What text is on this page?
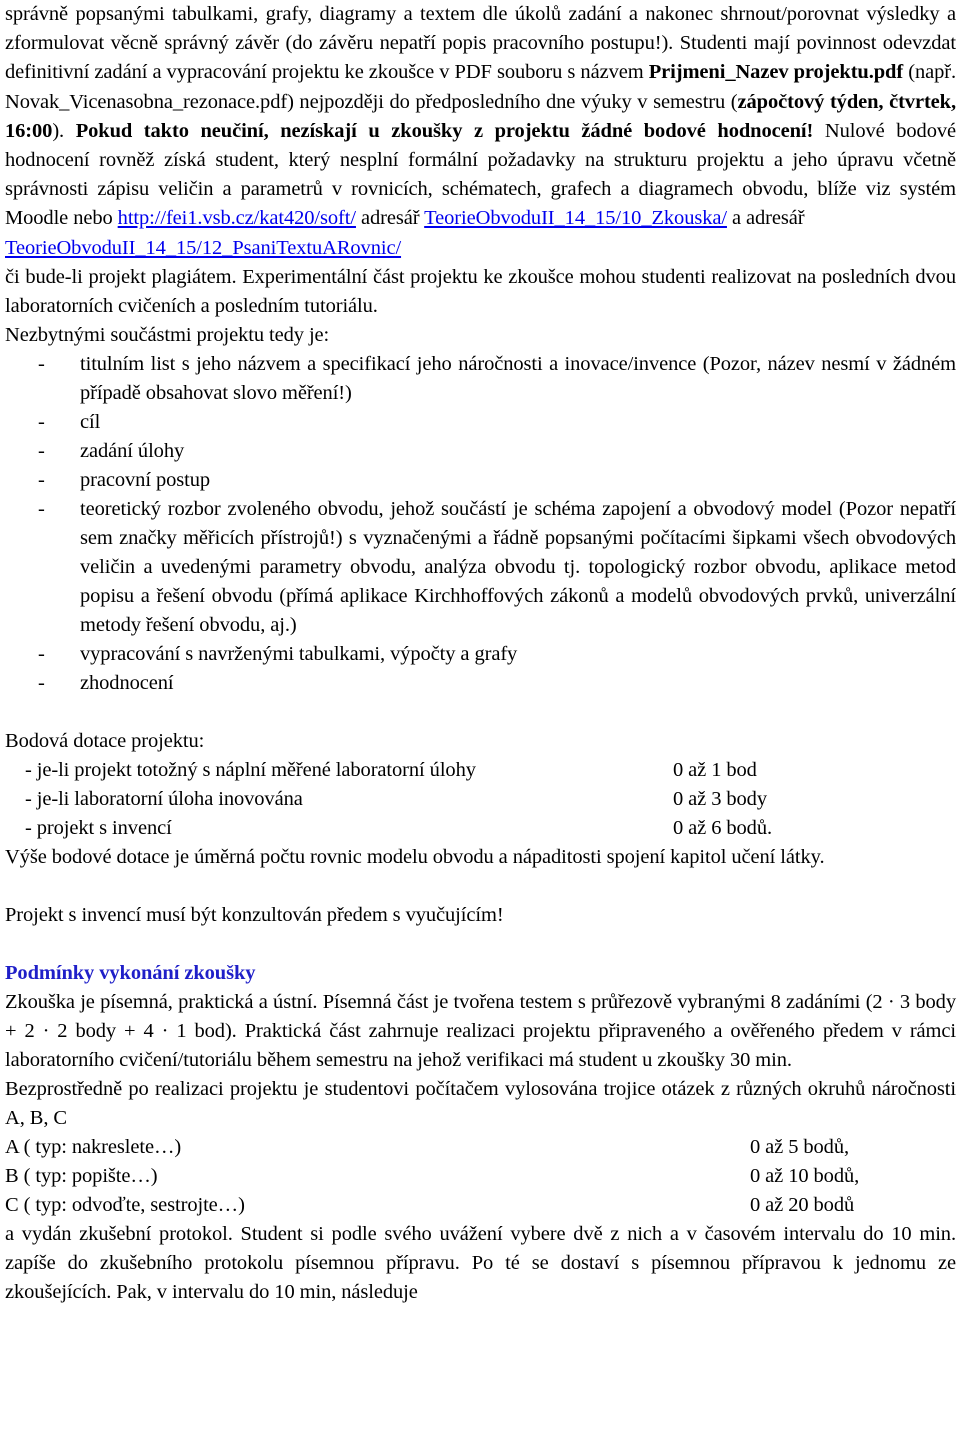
správně popsanými tabulkami, grafy, diagramy a textem dle úkolů zadání a nakonec shrnout/porovnat výsledky a zformulovat věcně správný závěr (do závěru nepatří popis pracovního postupu!). Studenti mají povinnost odevzdat definitivní zadání a vypracování projektu ke zkoušce v PDF souboru s názvem Prijmeni_Nazev projektu.pdf (např. Novak_Vicenasobna_rezonace.pdf) nejpozději do předposledního dne výuky v semestru (zápočtový týden, čtvrtek, 16:00). Pokud takto neučiní, nezískají u zkoušky z projektu žádné bodové hodnocení! Nulové bodové hodnocení rovněž získá student, který nesplní formální požadavky na strukturu projektu a jeho úpravu včetně správnosti zápisu veličin a parametrů v rovnicích, schématech, grafech a diagramech obvodu, blíže viz systém Moodle nebo http://fei1.vsb.cz/kat420/soft/ adresář TeorieObvoduII_14_15/10_Zkouska/ a adresář
TeorieObvoduII_14_15/12_PsaniTextuARovnic/

či bude-li projekt plagiátem. Experimentální část projektu ke zkoušce mohou studenti realizovat na posledních dvou laboratorních cvičeních a posledním tutoriálu.

Nezbytnými součástmi projektu tedy je:

- titulním list s jeho názvem a specifikací jeho náročnosti a inovace/invence (Pozor, název nesmí v žádném případě obsahovat slovo měření!)
- cíl
- zadání úlohy
- pracovní postup
- teoretický rozbor zvoleného obvodu, jehož součástí je schéma zapojení a obvodový model (Pozor nepatří sem značky měřicích přístrojů!) s vyznačenými a řádně popsanými počítacími šipkami všech obvodových veličin a uvedenými parametry obvodu, analýza obvodu tj. topologický rozbor obvodu, aplikace metod popisu a řešení obvodu (přímá aplikace Kirchhoffových zákonů a modelů obvodových prvků, univerzální metody řešení obvodu, aj.)
- vypracování s navrženými tabulkami, výpočty a grafy
- zhodnocení

Bodová dotace projektu:

- je-li projekt totožný s náplní měřené laboratorní úlohy	0 až 1 bod
- je-li laboratorní úloha inovována	0 až 3 body
- projekt s invencí	0 až 6 bodů.

Výše bodové dotace je úměrná počtu rovnic modelu obvodu a nápaditosti spojení kapitol učení látky.

Projekt s invencí musí být konzultován předem s vyučujícím!

Podmínky vykonání zkoušky

Zkouška je písemná, praktická a ústní. Písemná část je tvořena testem s průřezově vybranými 8 zadáními (2 · 3 body + 2 · 2 body + 4 · 1 bod). Praktická část zahrnuje realizaci projektu připraveného a ověřeného předem v rámci laboratorního cvičení/tutoriálu během semestru na jehož verifikaci má student u zkoušky 30 min.

Bezprostředně po realizaci projektu je studentovi počítačem vylosována trojice otázek z různých okruhů náročnosti A, B, C

A ( typ: nakreslete…)	0 až 5 bodů,
B ( typ: popište…)	0 až 10 bodů,
C ( typ: odvoďte, sestrojte…)	0 až 20 bodů

a vydán zkušební protokol. Student si podle svého uvážení vybere dvě z nich a v časovém intervalu do 10 min. zapíše do zkušebního protokolu písemnou přípravu. Po té se dostaví s písemnou přípravou k jednomu ze zkoušejících. Pak, v intervalu do 10 min, následuje
